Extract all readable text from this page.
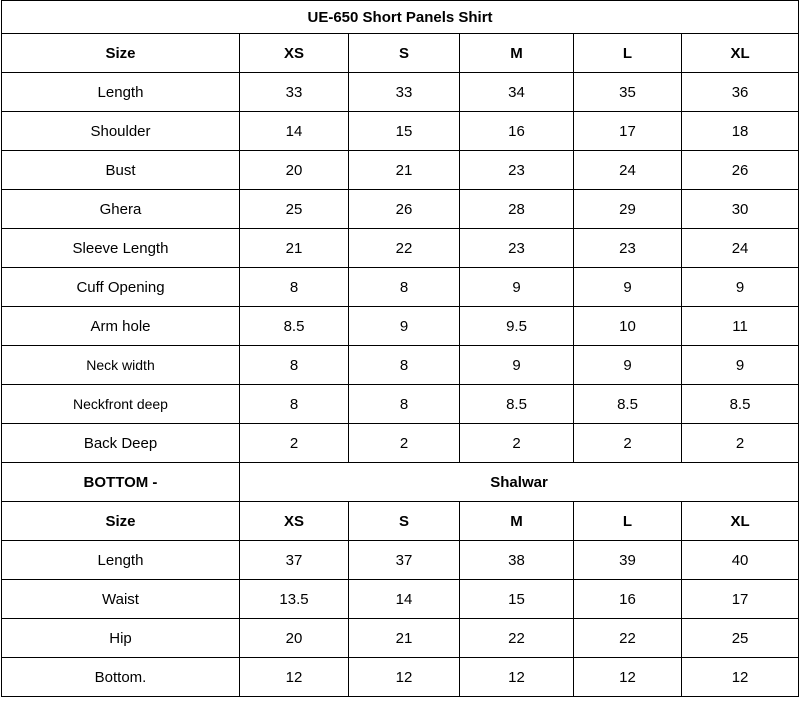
UE-650 Short Panels Shirt					
Size	XS	S	M	L	XL
Length	33	33	34	35	36
Shoulder	14	15	16	17	18
Bust	20	21	23	24	26
Ghera	25	26	28	29	30
Sleeve Length	21	22	23	23	24
Cuff Opening	8	8	9	9	9
Arm hole	8.5	9	9.5	10	11
Neck width	8	8	9	9	9
Neckfront deep	8	8	8.5	8.5	8.5
Back Deep	2	2	2	2	2
BOTTOM -	Shalwar				
Size	XS	S	M	L	XL
Length	37	37	38	39	40
Waist	13.5	14	15	16	17
Hip	20	21	22	22	25
Bottom.	12	12	12	12	12
